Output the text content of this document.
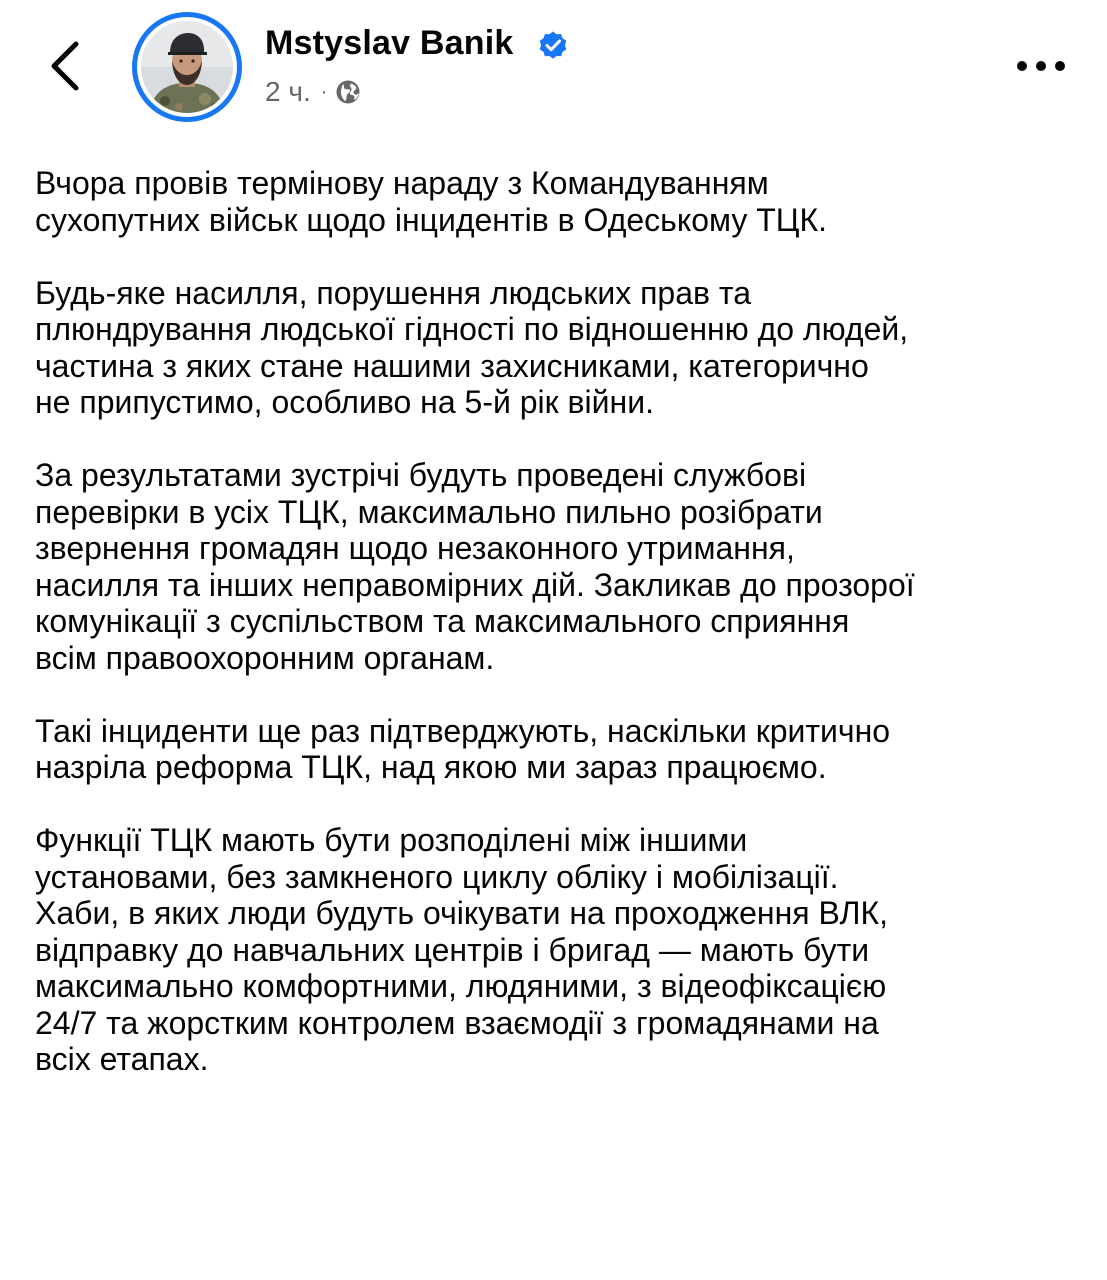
Mstyslav Banik
2 ч. ·

Вчора провів термінову нараду з Командуванням
сухопутних військ щодо інцидентів в Одеському ТЦК.

Будь-яке насилля, порушення людських прав та
плюндрування людської гідності по відношенню до людей,
частина з яких стане нашими захисниками, категорично
не припустимо, особливо на 5-й рік війни.

За результатами зустрічі будуть проведені службові
перевірки в усіх ТЦК, максимально пильно розібрати
звернення громадян щодо незаконного утримання,
насилля та інших неправомірних дій. Закликав до прозорої
комунікації з суспільством та максимального сприяння
всім правоохоронним органам.

Такі інциденти ще раз підтверджують, наскільки критично
назріла реформа ТЦК, над якою ми зараз працюємо.

Функції ТЦК мають бути розподілені між іншими
установами, без замкненого циклу обліку і мобілізації.
Хаби, в яких люди будуть очікувати на проходження ВЛК,
відправку до навчальних центрів і бригад — мають бути
максимально комфортними, людяними, з відеофіксацією
24/7 та жорстким контролем взаємодії з громадянами на
всіх етапах.
